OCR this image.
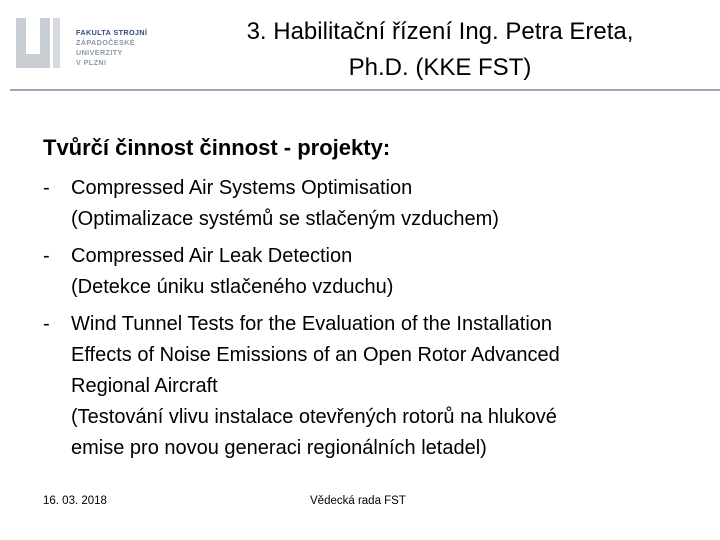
FAKULTA STROJNÍ
ZÁPADOČESKÉ
UNIVERZITY
V PLZNI
3. Habilitační řízení Ing. Petra Ereta,
Ph.D. (KKE FST)
Tvůrčí činnost činnost - projekty:
- Compressed Air Systems Optimisation
(Optimalizace systémů se stlačeným vzduchem)
- Compressed Air Leak Detection
(Detekce úniku stlačeného vzduchu)
- Wind Tunnel Tests for the Evaluation of the Installation
Effects of Noise Emissions of an Open Rotor Advanced
Regional Aircraft
(Testování vlivu instalace otevřených rotorů na hlukové
emise pro novou generaci regionálních letadel)
16. 03. 2018	Vědecká rada FST
